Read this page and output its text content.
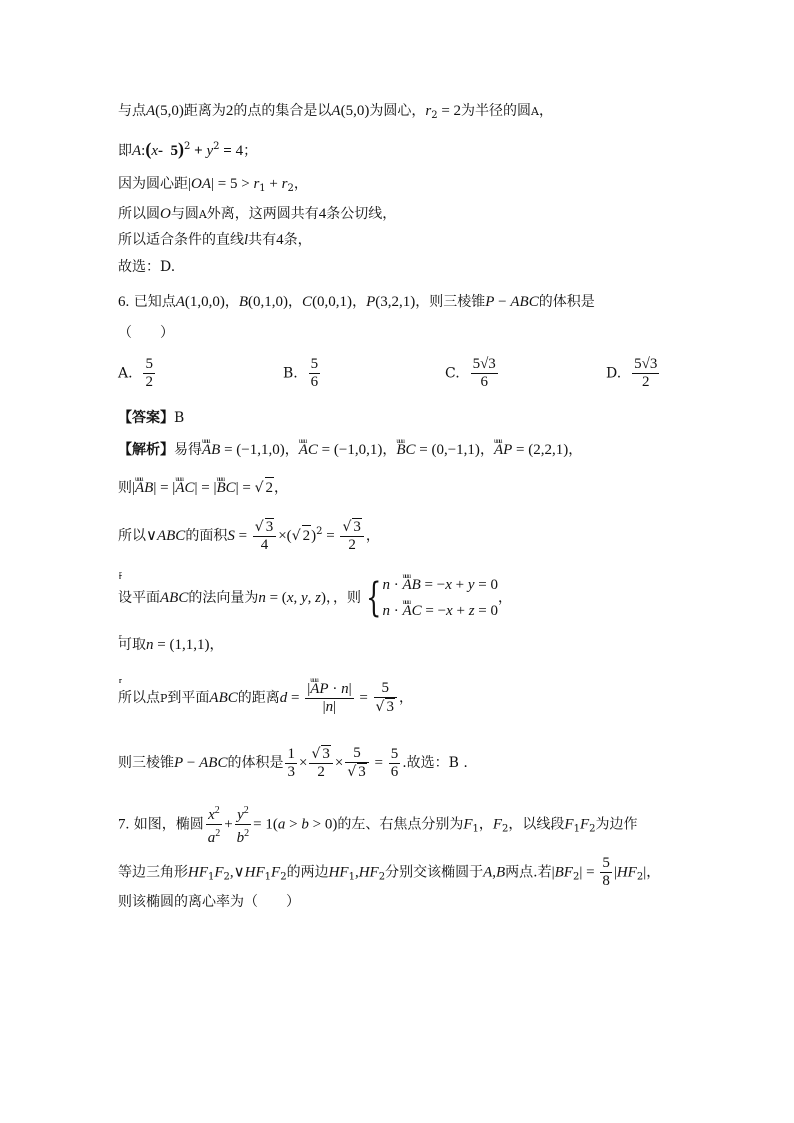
与点A(5,0)距离为2的点的集合是以A(5,0)为圆心，$r_2 = 2$为半径的圆A，
即A:(x-  $5)^2 + y^2 = 4$；
因为圆心距$|OA| = 5 > r_1 + r_2$，
所以圆O与圆A外离，这两圆共有4条公切线，
所以适合条件的直线l共有4条，
故选：D.
6. 已知点A(1,0,0)，B(0,1,0)，C(0,0,1)，P(3,2,1)，则三棱锥P − ABC的体积是
（　　）
A. $\frac{5}{2}$	B. $\frac{5}{6}$	C. $\frac{5√3}{6}$	D. $\frac{5√3}{2}$
【答案】B
【解析】易得uuu AB = (−1,1,0)，uuu AC = (−1,0,1)，uuu BC = (0,−1,1)，uuu AP = (2,2,1)，
则|uuu AB| = |uuu AC| = |uuu BC| = √ 2，
所以∨ABC的面积$S = \frac{√ 3}{4}$ ×(√ $2)^2 = \frac{√ 3}{2}$ ，
设平面ABC的法向量为r n = (x, y, z)，，则 {
r n · uuu AB = −x + y = 0
r n · uuu AC = −x + z = 0
，
可取r n = (1,1,1)，
所以点P到平面ABC的距离$d = \frac{\text{|uuu AP · r n|}}{\text{|r n|}} = \frac{5}{√ 3}$ ，
则三棱锥P − ABC的体积是 $\frac{1}{3} \times \frac{√ 3}{2} \times \frac{5}{√ 3} = \frac{5}{6}$ .故选：B .
7. 如图，椭圆 $\frac{x^2}{a^2} + \frac{y^2}{b^2} = 1(a > b > 0)$的左、右焦点分别为$F_1$，$F_2$，以线段$F_1F_2$为边作
等边三角形$HF_1F_2,\vee HF_1F_2$的两边$HF_1,HF_2$分别交该椭圆于A,B两点.若$|BF_2| = \frac{5}{8} |HF_2|$，
则该椭圆的离心率为（　　）
